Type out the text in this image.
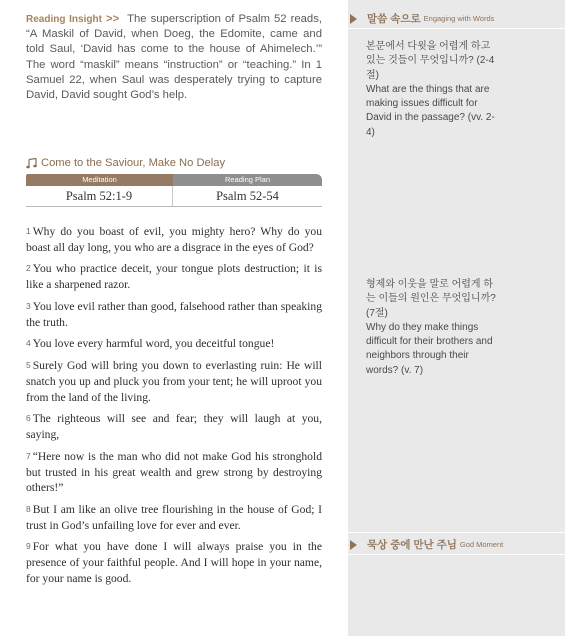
Reading Insight >> The superscription of Psalm 52 reads, “A Maskil of David, when Doeg, the Edomite, came and told Saul, ‘David has come to the house of Ahimelech.’” The word “maskil” means “instruction” or “teaching.” In 1 Samuel 22, when Saul was desperately trying to capture David, David sought God’s help.

Come to the Saviour, Make No Delay
Meditation	Reading Plan
Psalm 52:1-9	Psalm 52-54

1 Why do you boast of evil, you mighty hero? Why do you boast all day long, you who are a disgrace in the eyes of God?

2 You who practice deceit, your tongue plots destruction; it is like a sharpened razor.

3 You love evil rather than good, falsehood rather than speaking the truth.

4 You love every harmful word, you deceitful tongue!

5 Surely God will bring you down to everlasting ruin: He will snatch you up and pluck you from your tent; he will uproot you from the land of the living.

6 The righteous will see and fear; they will laugh at you, saying,

7 “Here now is the man who did not make God his stronghold but trusted in his great wealth and grew strong by destroying others!”

8 But I am like an olive tree flourishing in the house of God; I trust in God’s unfailing love for ever and ever.

9 For what you have done I will always praise you in the presence of your faithful people. And I will hope in your name, for your name is good.

말씀 속으로 Engaging with Words
본문에서 다윗을 어렵게 하고 있는 것들이 무엇입니까? (2-4절)
What are the things that are making issues difficult for David in the passage? (vv. 2-4)
형제와 이웃을 말로 어렵게 하는 이들의 원인은 무엇입니까? (7절)
Why do they make things difficult for their brothers and neighbors through their words? (v. 7)
묵상 중에 만난 주님 God Moment
